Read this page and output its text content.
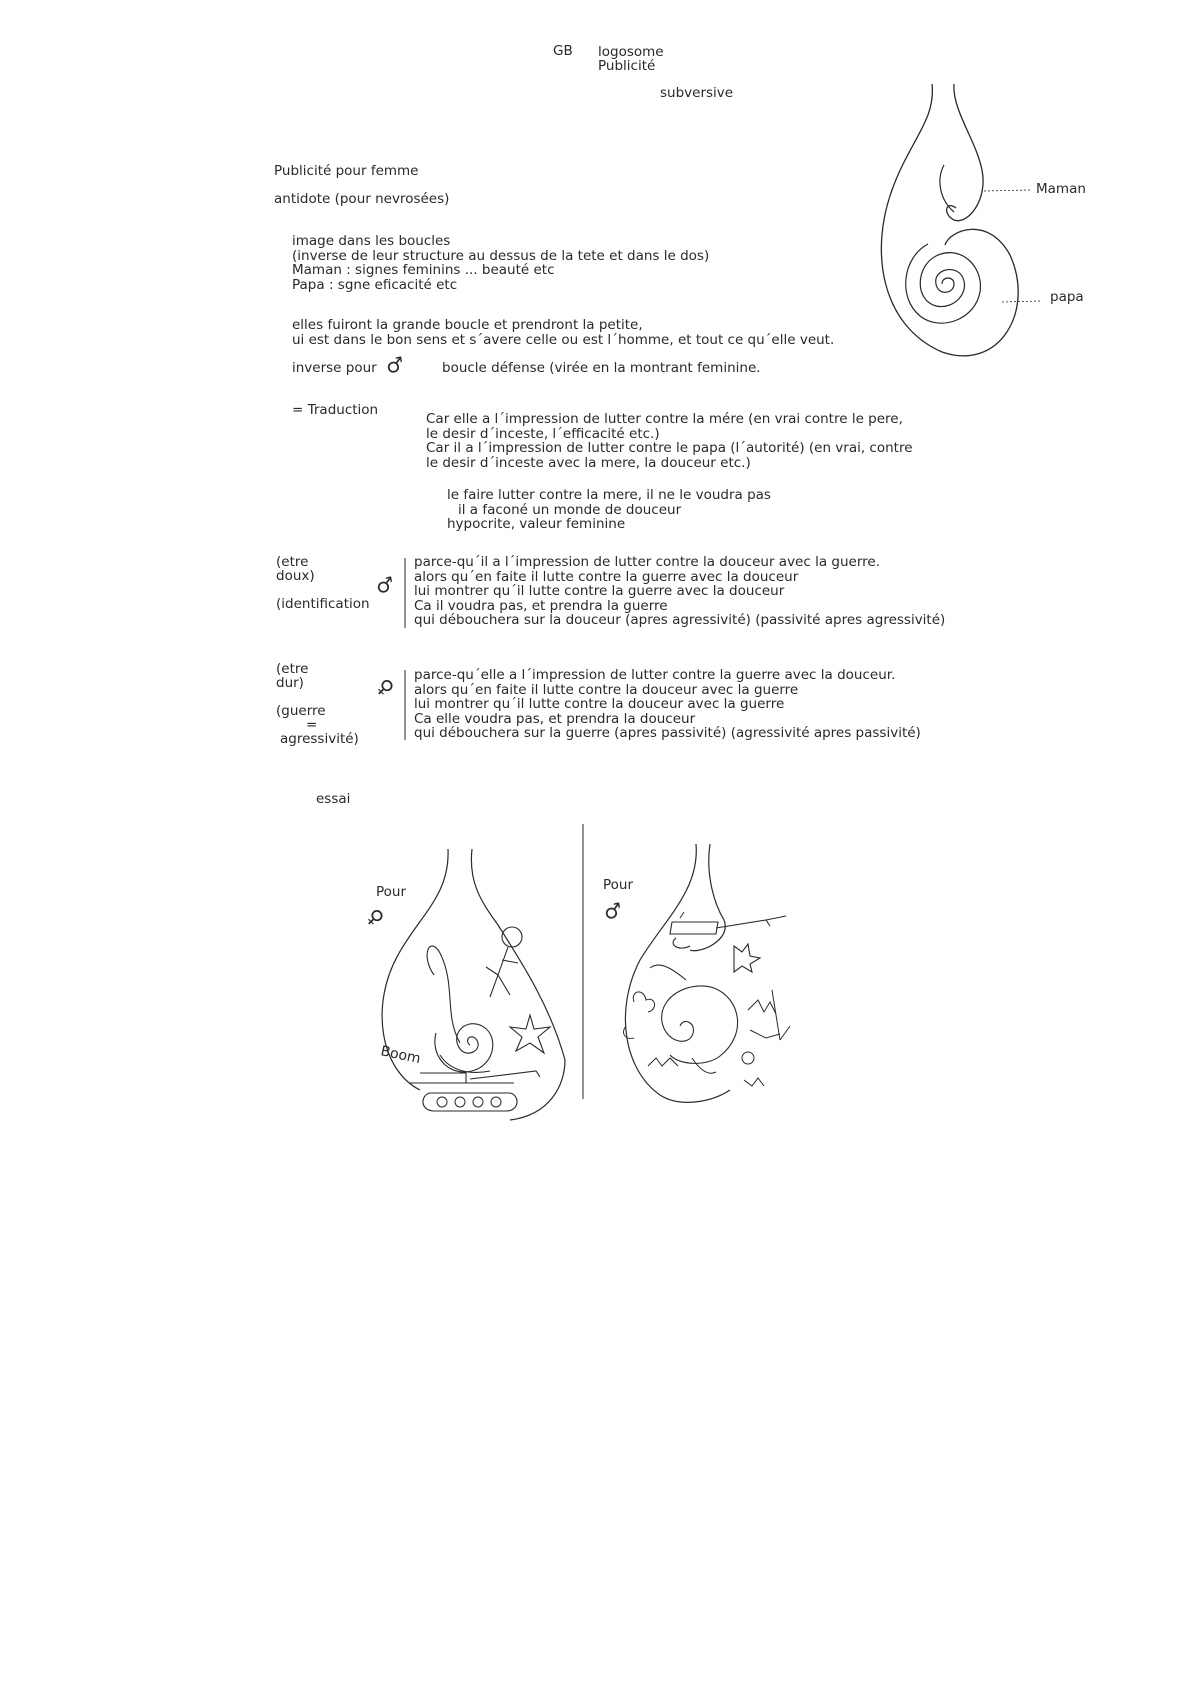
GB logosome
Publicité
subversive
Publicité pour femme
antidote (pour nevrosées)
image dans les boucles
(inverse de leur structure au dessus de la tete et dans le dos)
Maman : signes feminins ... beauté etc
Papa : sgne eficacité etc
elles fuiront la grande boucle et prendront la petite,
ui est dans le bon sens et s´avere celle ou est l´homme, et tout ce qu´elle veut.
inverse pour ♂	boucle défense (virée en la montrant feminine.
= Traduction
Car elle a l´impression de lutter contre la mére (en vrai contre le pere,
le desir d´inceste, l´efficacité etc.)
Car il a l´impression de lutter contre le papa (l´autorité) (en vrai, contre
le desir d´inceste avec la mere, la douceur etc.)
le faire lutter contre la mere, il ne le voudra pas
il a faconé un monde de douceur
hypocrite, valeur feminine
(etre
doux)
(identification
♂
parce-qu´il a l´impression de lutter contre la douceur avec la guerre.
alors qu´en faite il lutte contre la guerre avec la douceur
lui montrer qu´il lutte contre la guerre avec la douceur
Ca il voudra pas, et prendra la guerre
qui débouchera sur la douceur (apres agressivité) (passivité apres agressivité)
(etre
dur)
(guerre
=
agressivité)
♀ parce-qu´elle a l´impression de lutter contre la guerre avec la douceur.
alors qu´en faite il lutte contre la douceur avec la guerre
lui montrer qu´il lutte contre la douceur avec la guerre
Ca elle voudra pas, et prendra la douceur
qui débouchera sur la guerre (apres passivité) (agressivité apres passivité)
Maman
papa
essai
Pour
♀
Pour
♂
Boom
